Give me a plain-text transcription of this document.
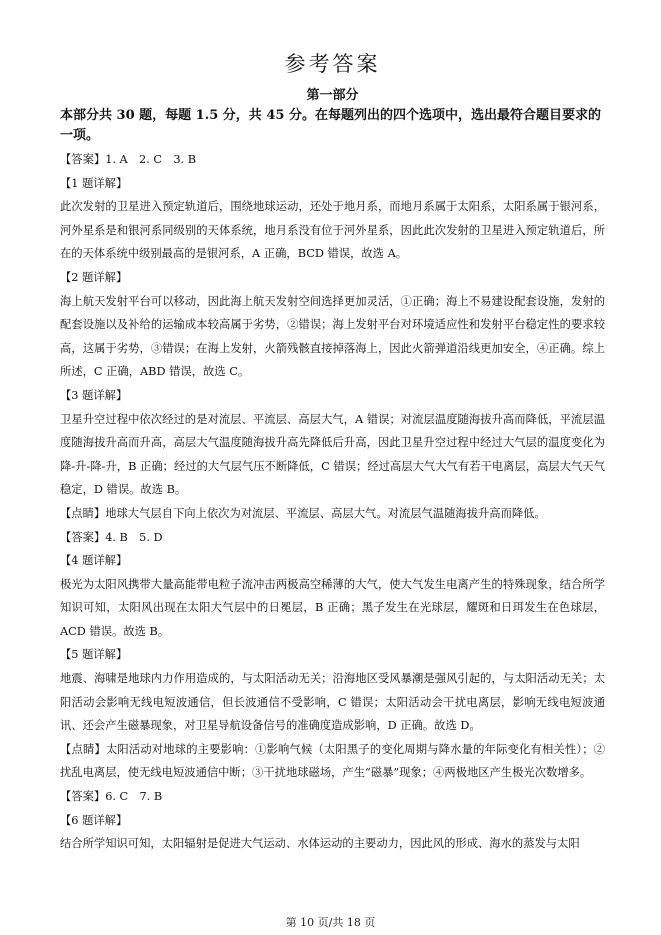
参考答案
第一部分
本部分共 30 题，每题 1.5 分，共 45 分。在每题列出的四个选项中，选出最符合题目要求的一项。

【答案】1. A　2. C　3. B

【1 题详解】

此次发射的卫星进入预定轨道后，围绕地球运动，还处于地月系，而地月系属于太阳系，太阳系属于银河系，河外星系是和银河系同级别的天体系统，地月系没有位于河外星系，因此此次发射的卫星进入预定轨道后，所在的天体系统中级别最高的是银河系，A 正确，BCD 错误，故选 A。

【2 题详解】

海上航天发射平台可以移动，因此海上航天发射空间选择更加灵活，①正确；海上不易建设配套设施，发射的配套设施以及补给的运输成本较高属于劣势，②错误；海上发射平台对环境适应性和发射平台稳定性的要求较高，这属于劣势，③错误；在海上发射，火箭残骸直接掉落海上，因此火箭弹道沿线更加安全，④正确。综上所述，C 正确，ABD 错误，故选 C。

【3 题详解】

卫星升空过程中依次经过的是对流层、平流层、高层大气，A 错误；对流层温度随海拔升高而降低，平流层温度随海拔升高而升高，高层大气温度随海拔升高先降低后升高，因此卫星升空过程中经过大气层的温度变化为降-升-降-升，B 正确；经过的大气层气压不断降低，C 错误；经过高层大气大气有若干电离层，高层大气天气稳定，D 错误。故选 B。

【点睛】地球大气层自下向上依次为对流层、平流层、高层大气。对流层气温随海拔升高而降低。

【答案】4. B　5. D

【4 题详解】

极光为太阳风携带大量高能带电粒子流冲击两极高空稀薄的大气，使大气发生电离产生的特殊现象，结合所学知识可知，太阳风出现在太阳大气层中的日冕层，B 正确；黑子发生在光球层，耀斑和日珥发生在色球层，ACD 错误。故选 B。

【5 题详解】

地震、海啸是地球内力作用造成的，与太阳活动无关；沿海地区受风暴潮是强风引起的，与太阳活动无关；太阳活动会影响无线电短波通信，但长波通信不受影响，C 错误；太阳活动会干扰电离层，影响无线电短波通讯、还会产生磁暴现象，对卫星导航设备信号的准确度造成影响，D 正确。故选 D。

【点睛】太阳活动对地球的主要影响：①影响气候（太阳黑子的变化周期与降水量的年际变化有相关性）；②扰乱电离层，使无线电短波通信中断；③干扰地球磁场，产生“磁暴”现象；④两极地区产生极光次数增多。

【答案】6. C　7. B

【6 题详解】

结合所学知识可知，太阳辐射是促进大气运动、水体运动的主要动力，因此风的形成、海水的蒸发与太阳

第 10 页/共 18 页
